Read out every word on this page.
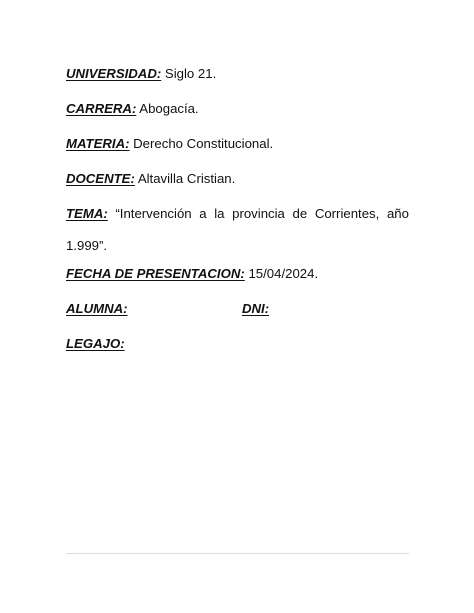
UNIVERSIDAD: Siglo 21.
CARRERA: Abogacía.
MATERIA: Derecho Constitucional.
DOCENTE: Altavilla Cristian.
TEMA: “Intervención a la provincia de Corrientes, año
1.999”.
FECHA DE PRESENTACION: 15/04/2024.
ALUMNA:	DNI:
LEGAJO:
